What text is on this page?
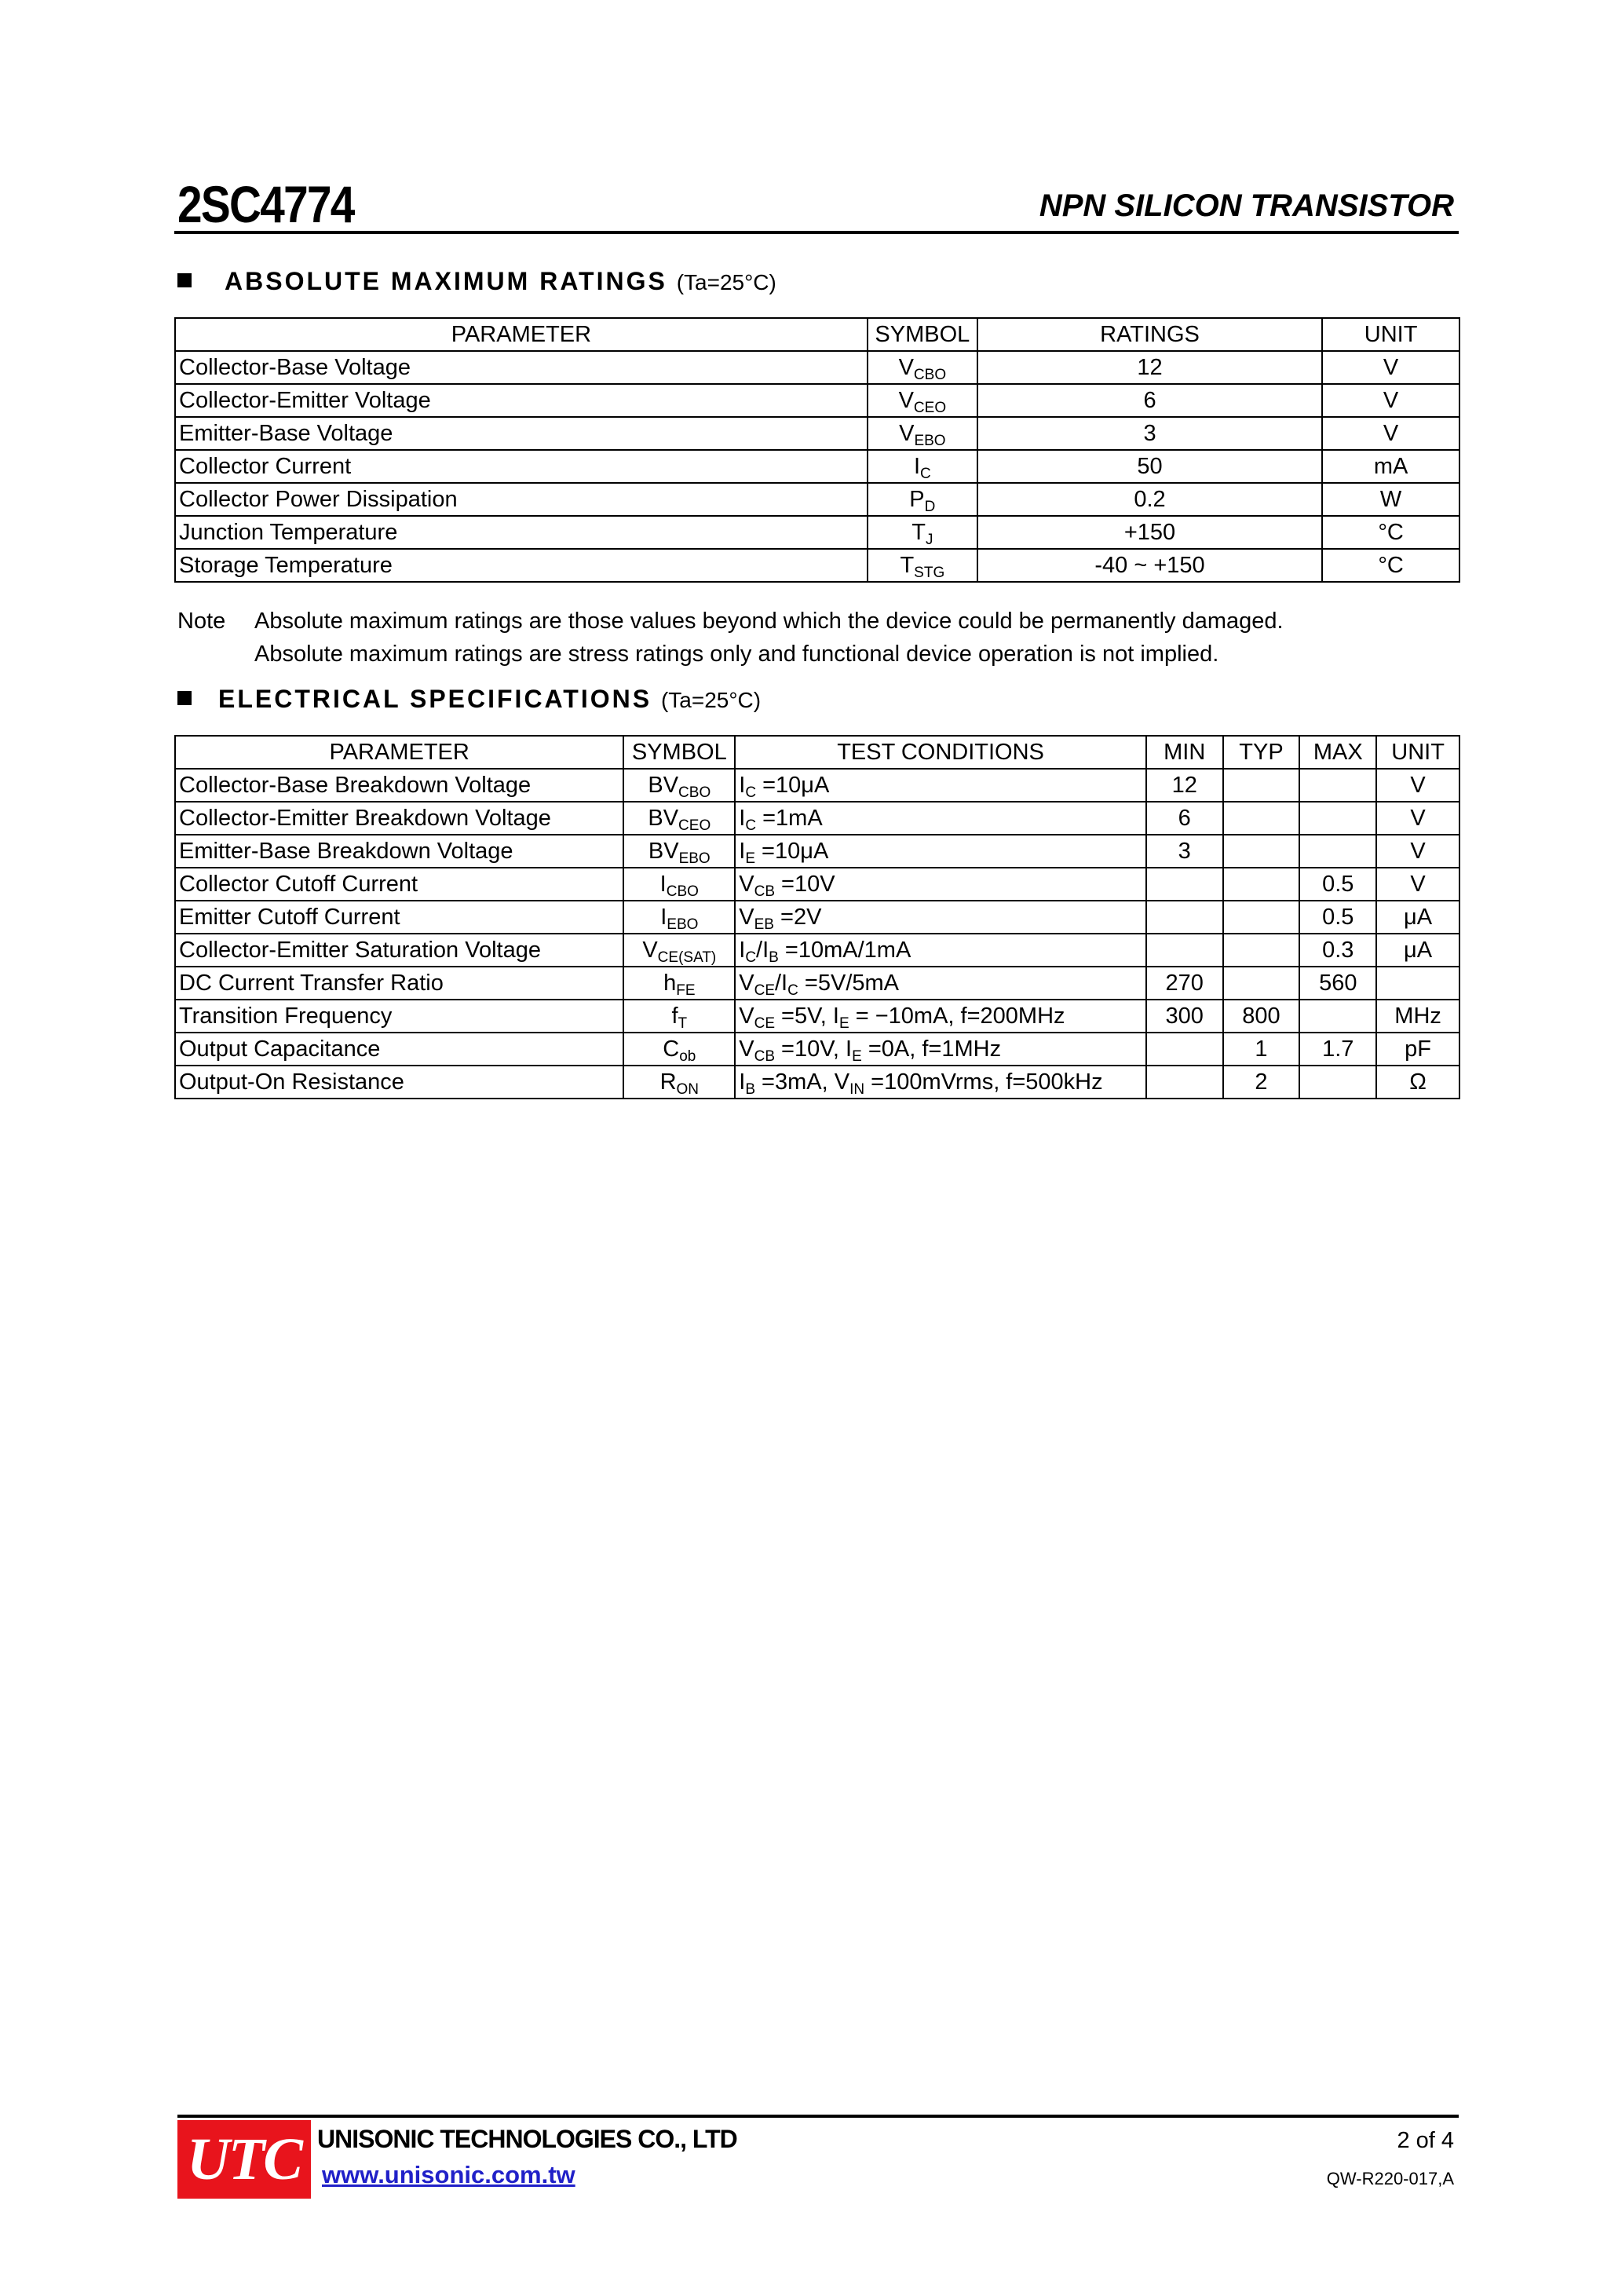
2SC4774	NPN SILICON TRANSISTOR
ABSOLUTE MAXIMUM RATINGS (Ta=25°C)
PARAMETER	SYMBOL	RATINGS	UNIT
Collector-Base Voltage	$V_{CBO}$	12	V
Collector-Emitter Voltage	$V_{CEO}$	6	V
Emitter-Base Voltage	$V_{EBO}$	3	V
Collector Current	$I_C$	50	mA
Collector Power Dissipation	$P_D$	0.2	W
Junction Temperature	$T_J$	+150	°C
Storage Temperature	$T_{STG}$	-40 ~ +150	°C
Note Absolute maximum ratings are those values beyond which the device could be permanently damaged.
Absolute maximum ratings are stress ratings only and functional device operation is not implied.
ELECTRICAL SPECIFICATIONS (Ta=25°C)
PARAMETER	SYMBOL	TEST CONDITIONS	MIN	TYP	MAX	UNIT
Collector-Base Breakdown Voltage	$BV_{CBO}$	$I_C =10\mu A$	12			V
Collector-Emitter Breakdown Voltage	$BV_{CEO}$	$I_C =1mA$	6			V
Emitter-Base Breakdown Voltage	$BV_{EBO}$	$I_E =10\mu A$	3			V
Collector Cutoff Current	$I_{CBO}$	$V_{CB} =10V$			0.5	V
Emitter Cutoff Current	$I_{EBO}$	$V_{EB} =2V$			0.5	μA
Collector-Emitter Saturation Voltage	$V_{CE(SAT)}$	$I_C/I_B =10mA/1mA$			0.3	μA
DC Current Transfer Ratio	$h_{FE}$	$V_{CE}/I_C =5V/5mA$	270		560	
Transition Frequency	$f_T$	$V_{CE} =5V$, $I_E = -10mA$, f=200MHz	300	800		MHz
Output Capacitance	$C_{ob}$	$V_{CB} =10V$, $I_E =0A$, f=1MHz		1	1.7	pF
Output-On Resistance	$R_{ON}$	$I_B =3mA$, $V_{IN}$ =100mVrms, f=500kHz		2		Ω
UTC UNISONIC TECHNOLOGIES CO., LTD
www.unisonic.com.tw
2 of 4
QW-R220-017,A
